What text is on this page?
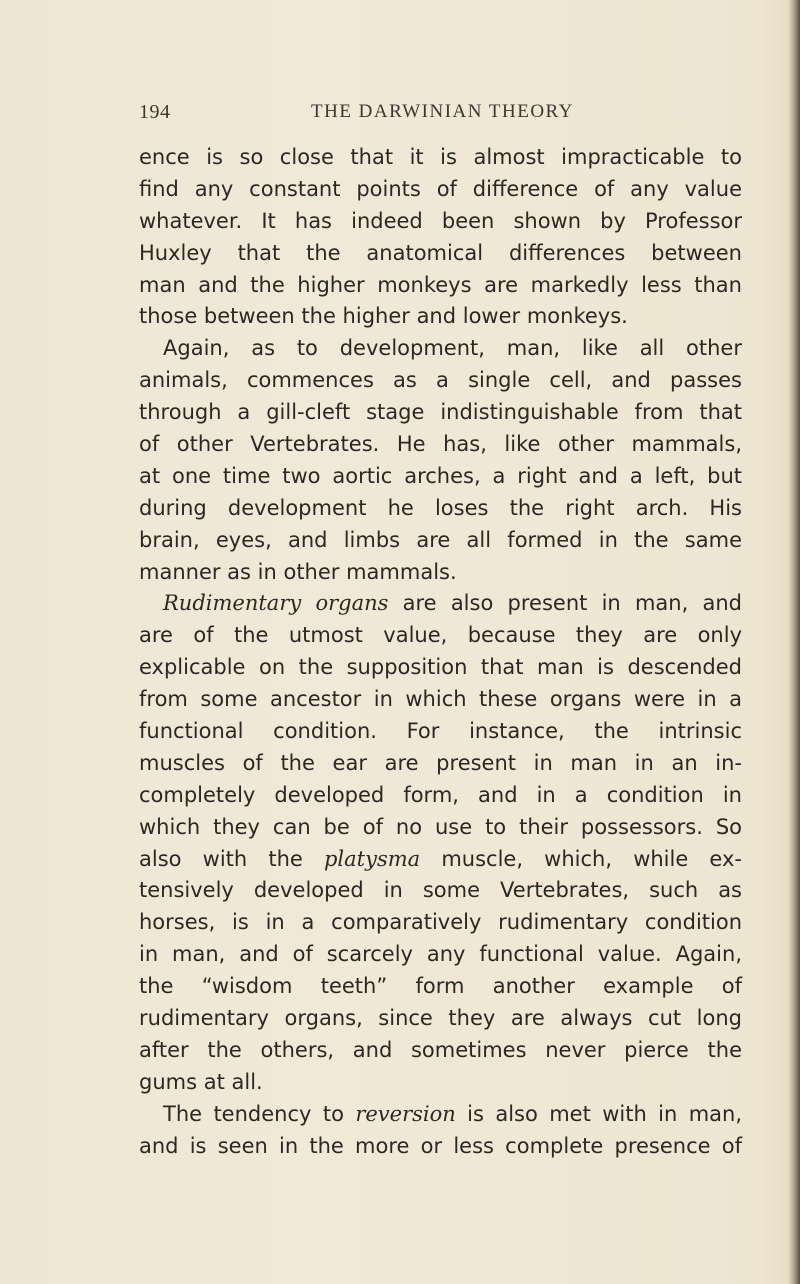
194	THE DARWINIAN THEORY
ence is so close that it is almost impracticable to
find any constant points of difference of any value
whatever. It has indeed been shown by Professor
Huxley that the anatomical differences between
man and the higher monkeys are markedly less than
those between the higher and lower monkeys.
Again, as to development, man, like all other
animals, commences as a single cell, and passes
through a gill-cleft stage indistinguishable from that
of other Vertebrates. He has, like other mammals,
at one time two aortic arches, a right and a left, but
during development he loses the right arch. His
brain, eyes, and limbs are all formed in the same
manner as in other mammals.
Rudimentary organs are also present in man, and
are of the utmost value, because they are only
explicable on the supposition that man is descended
from some ancestor in which these organs were in a
functional condition. For instance, the intrinsic
muscles of the ear are present in man in an in-
completely developed form, and in a condition in
which they can be of no use to their possessors. So
also with the platysma muscle, which, while ex-
tensively developed in some Vertebrates, such as
horses, is in a comparatively rudimentary condition
in man, and of scarcely any functional value. Again,
the “wisdom teeth” form another example of
rudimentary organs, since they are always cut long
after the others, and sometimes never pierce the
gums at all.
The tendency to reversion is also met with in man,
and is seen in the more or less complete presence of
